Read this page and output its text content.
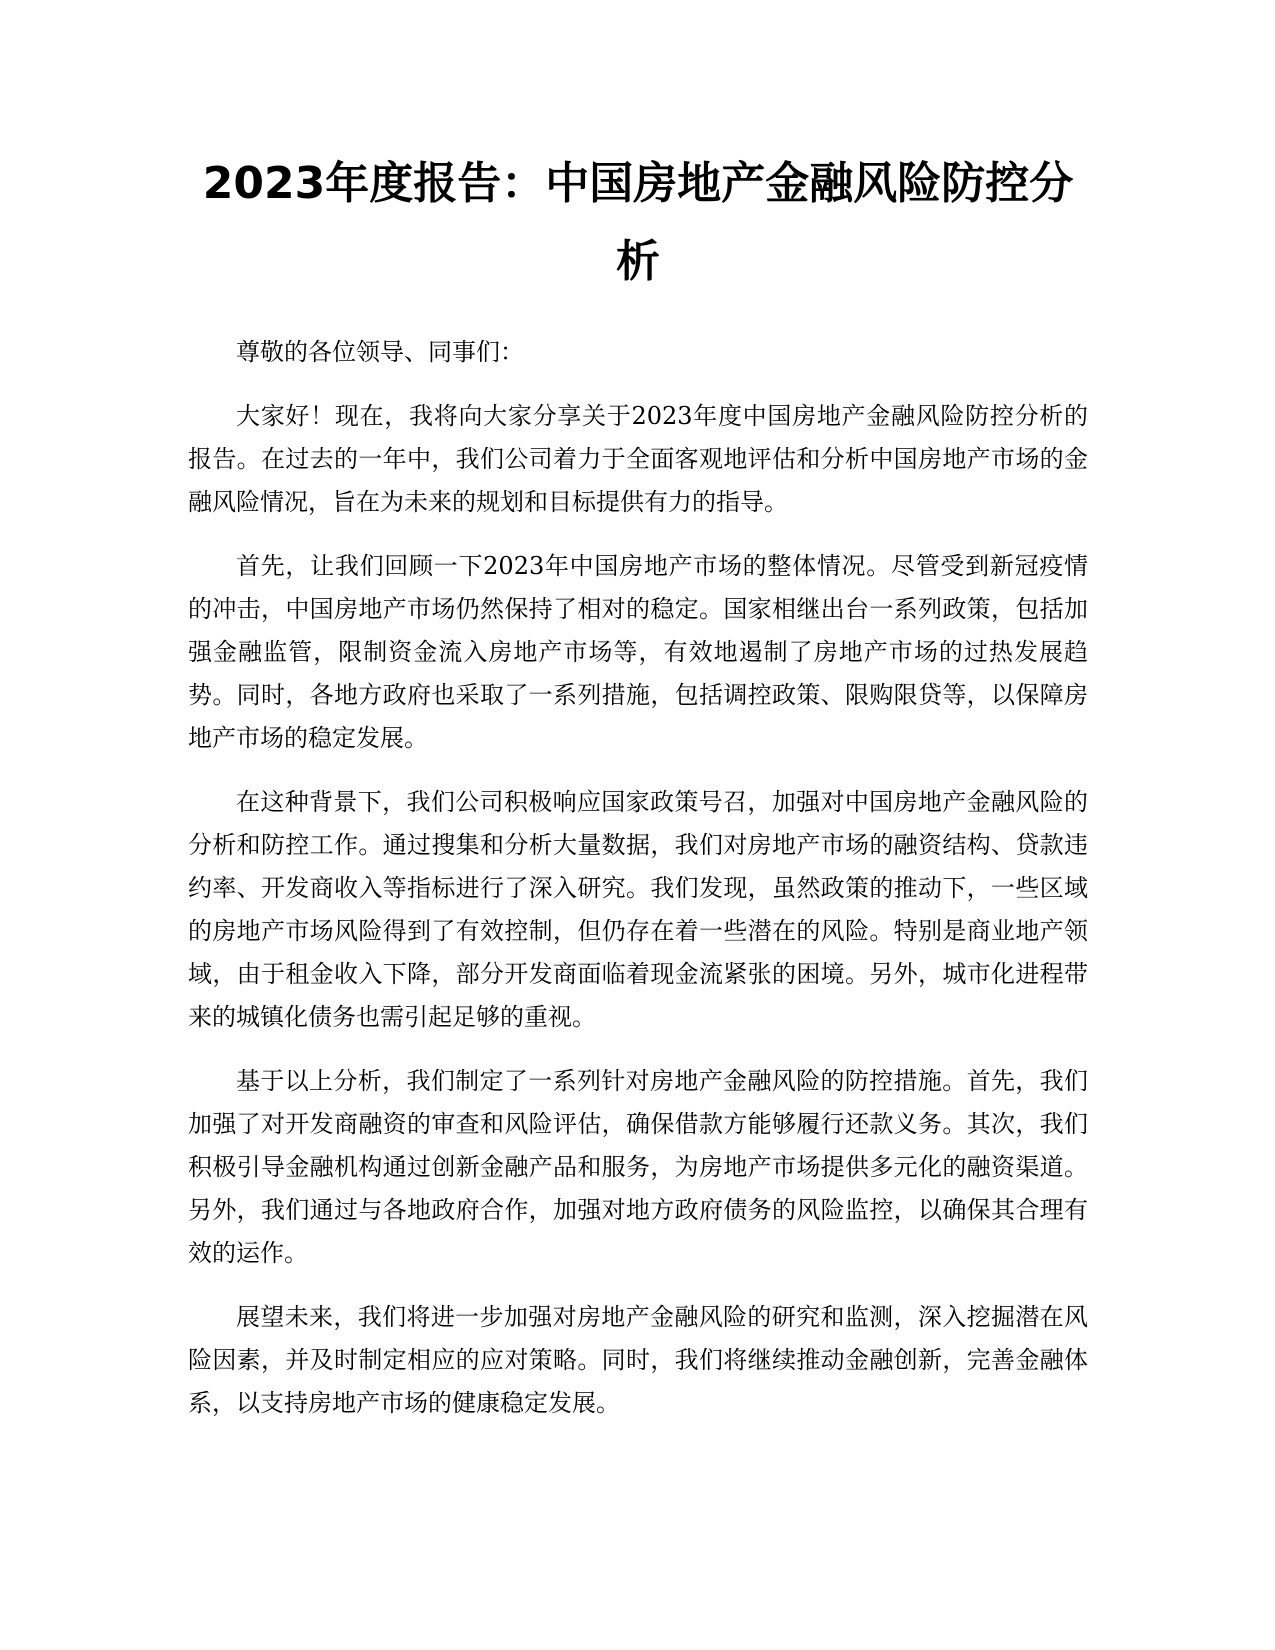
2023年度报告：中国房地产金融风险防控分析

尊敬的各位领导、同事们：

大家好！现在，我将向大家分享关于2023年度中国房地产金融风险防控分析的报告。在过去的一年中，我们公司着力于全面客观地评估和分析中国房地产市场的金融风险情况，旨在为未来的规划和目标提供有力的指导。

首先，让我们回顾一下2023年中国房地产市场的整体情况。尽管受到新冠疫情的冲击，中国房地产市场仍然保持了相对的稳定。国家相继出台一系列政策，包括加强金融监管，限制资金流入房地产市场等，有效地遏制了房地产市场的过热发展趋势。同时，各地方政府也采取了一系列措施，包括调控政策、限购限贷等，以保障房地产市场的稳定发展。

在这种背景下，我们公司积极响应国家政策号召，加强对中国房地产金融风险的分析和防控工作。通过搜集和分析大量数据，我们对房地产市场的融资结构、贷款违约率、开发商收入等指标进行了深入研究。我们发现，虽然政策的推动下，一些区域的房地产市场风险得到了有效控制，但仍存在着一些潜在的风险。特别是商业地产领域，由于租金收入下降，部分开发商面临着现金流紧张的困境。另外，城市化进程带来的城镇化债务也需引起足够的重视。

基于以上分析，我们制定了一系列针对房地产金融风险的防控措施。首先，我们加强了对开发商融资的审查和风险评估，确保借款方能够履行还款义务。其次，我们积极引导金融机构通过创新金融产品和服务，为房地产市场提供多元化的融资渠道。另外，我们通过与各地政府合作，加强对地方政府债务的风险监控，以确保其合理有效的运作。

展望未来，我们将进一步加强对房地产金融风险的研究和监测，深入挖掘潜在风险因素，并及时制定相应的应对策略。同时，我们将继续推动金融创新，完善金融体系，以支持房地产市场的健康稳定发展。
